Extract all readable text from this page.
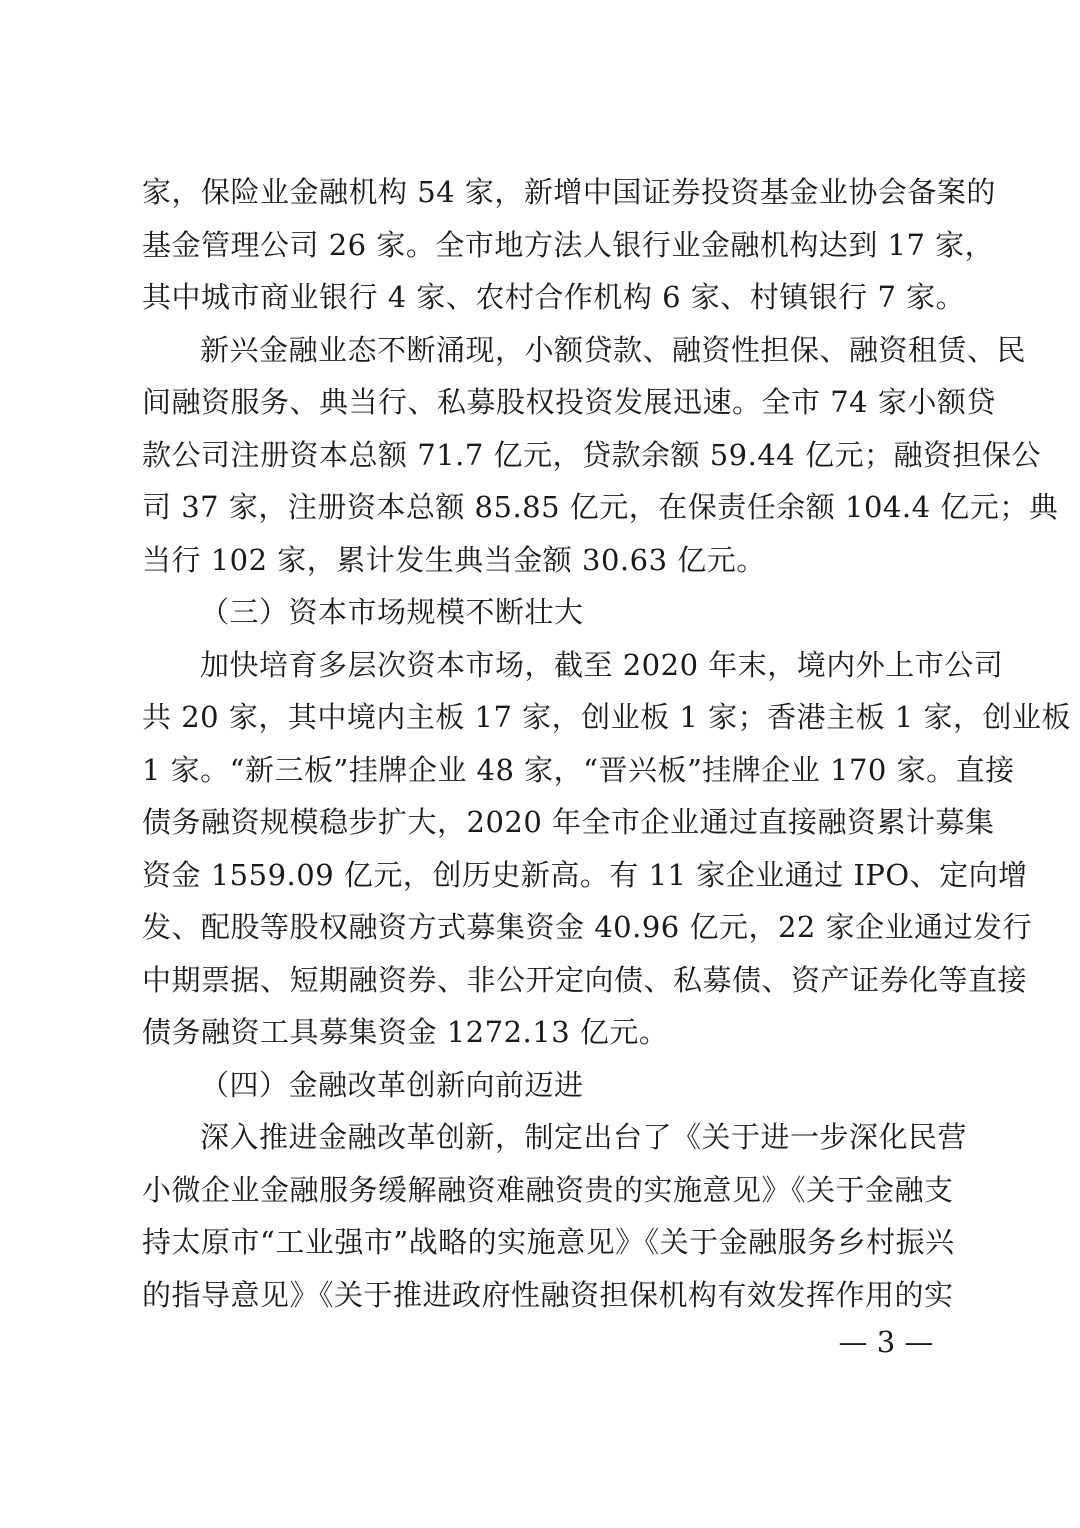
家，保险业金融机构 54 家，新增中国证券投资基金业协会备案的
基金管理公司 26 家。全市地方法人银行业金融机构达到 17 家，
其中城市商业银行 4 家、农村合作机构 6 家、村镇银行 7 家。
新兴金融业态不断涌现，小额贷款、融资性担保、融资租赁、民
间融资服务、典当行、私募股权投资发展迅速。全市 74 家小额贷
款公司注册资本总额 71.7 亿元，贷款余额 59.44 亿元；融资担保公
司 37 家，注册资本总额 85.85 亿元，在保责任余额 104.4 亿元；典
当行 102 家，累计发生典当金额 30.63 亿元。
（三）资本市场规模不断壮大
加快培育多层次资本市场，截至 2020 年末，境内外上市公司
共 20 家，其中境内主板 17 家，创业板 1 家；香港主板 1 家，创业板
1 家。“新三板”挂牌企业 48 家，“晋兴板”挂牌企业 170 家。直接
债务融资规模稳步扩大，2020 年全市企业通过直接融资累计募集
资金 1559.09 亿元，创历史新高。有 11 家企业通过 IPO、定向增
发、配股等股权融资方式募集资金 40.96 亿元，22 家企业通过发行
中期票据、短期融资券、非公开定向债、私募债、资产证券化等直接
债务融资工具募集资金 1272.13 亿元。
（四）金融改革创新向前迈进
深入推进金融改革创新，制定出台了《关于进一步深化民营
小微企业金融服务缓解融资难融资贵的实施意见》《关于金融支
持太原市“工业强市”战略的实施意见》《关于金融服务乡村振兴
的指导意见》《关于推进政府性融资担保机构有效发挥作用的实
— 3 —
